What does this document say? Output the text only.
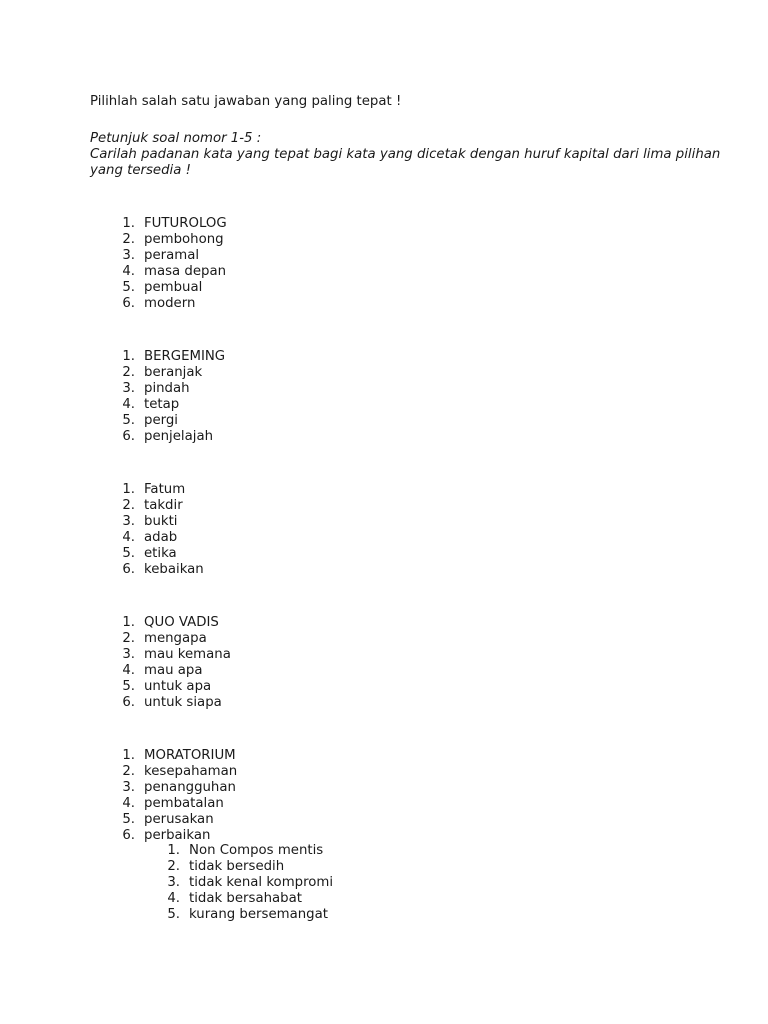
Pilihlah salah satu jawaban yang paling tepat !
Petunjuk soal nomor 1-5 :
Carilah padanan kata yang tepat bagi kata yang dicetak dengan huruf kapital dari lima pilihan yang tersedia !
1. FUTUROLOG
2. pembohong
3. peramal
4. masa depan
5. pembual
6. modern
1. BERGEMING
2. beranjak
3. pindah
4. tetap
5. pergi
6. penjelajah
1. Fatum
2. takdir
3. bukti
4. adab
5. etika
6. kebaikan
1. QUO VADIS
2. mengapa
3. mau kemana
4. mau apa
5. untuk apa
6. untuk siapa
1. MORATORIUM
2. kesepahaman
3. penangguhan
4. pembatalan
5. perusakan
6. perbaikan
1. Non Compos mentis
2. tidak bersedih
3. tidak kenal kompromi
4. tidak bersahabat
5. kurang bersemangat
